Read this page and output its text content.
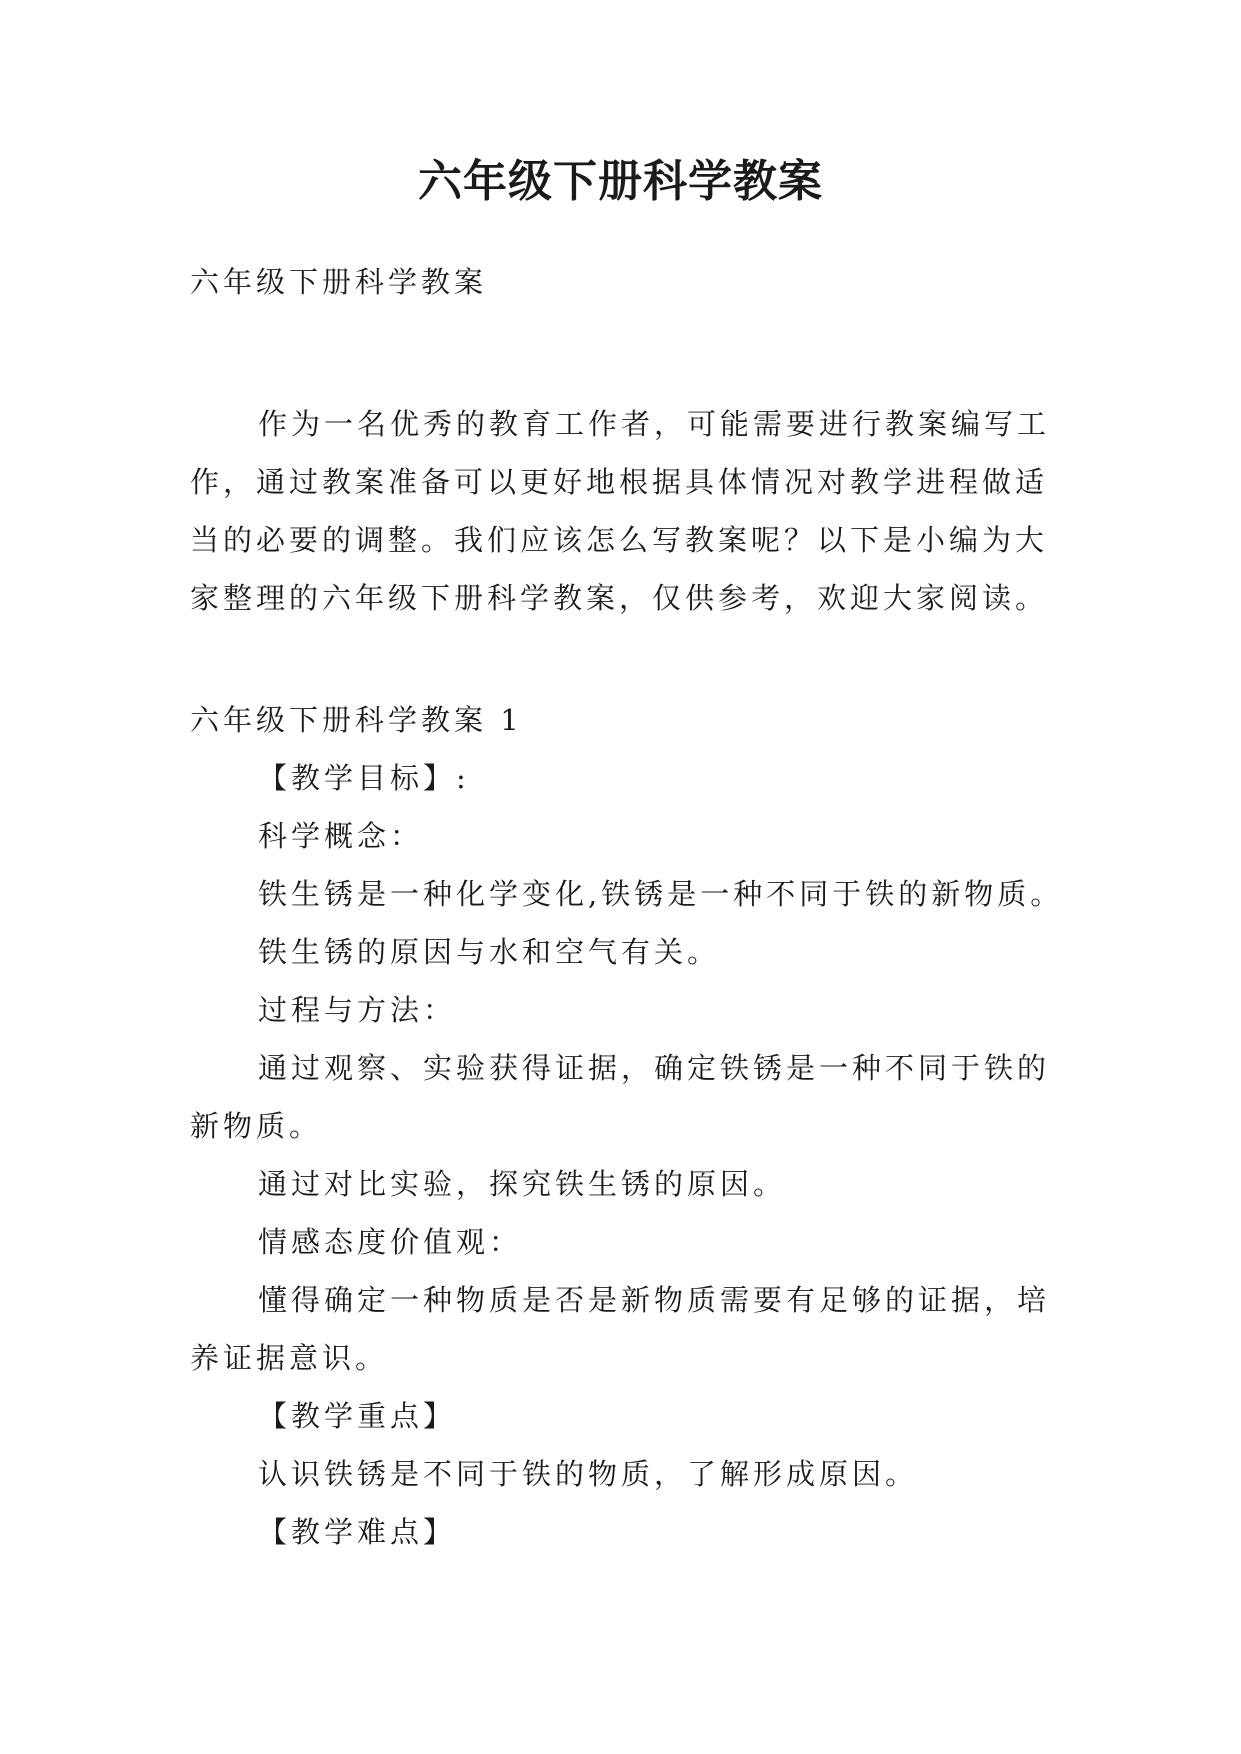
六年级下册科学教案

六年级下册科学教案

作为一名优秀的教育工作者，可能需要进行教案编写工

作，通过教案准备可以更好地根据具体情况对教学进程做适

当的必要的调整。我们应该怎么写教案呢？以下是小编为大

家整理的六年级下册科学教案，仅供参考，欢迎大家阅读。

六年级下册科学教案 1

【教学目标】:

科学概念：

铁生锈是一种化学变化,铁锈是一种不同于铁的新物质。

铁生锈的原因与水和空气有关。

过程与方法：

通过观察、实验获得证据，确定铁锈是一种不同于铁的

新物质。

通过对比实验，探究铁生锈的原因。

情感态度价值观：

懂得确定一种物质是否是新物质需要有足够的证据，培

养证据意识。

【教学重点】

认识铁锈是不同于铁的物质，了解形成原因。

【教学难点】
